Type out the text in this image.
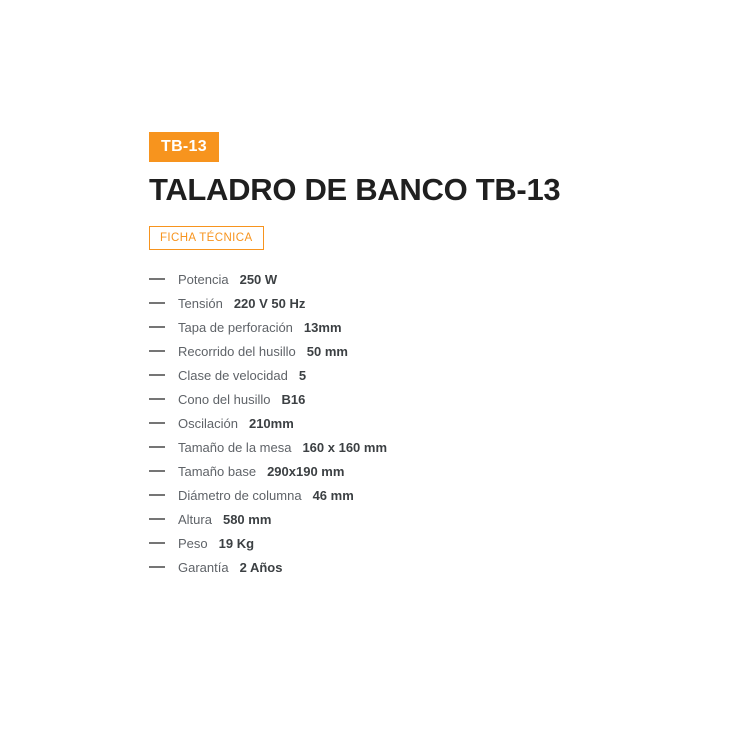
TB-13
TALADRO DE BANCO TB-13
FICHA TÉCNICA
Potencia 250 W
Tensión 220 V 50 Hz
Tapa de perforación 13mm
Recorrido del husillo 50 mm
Clase de velocidad 5
Cono del husillo B16
Oscilación 210mm
Tamaño de la mesa 160 x 160 mm
Tamaño base 290x190 mm
Diámetro de columna 46 mm
Altura 580 mm
Peso 19 Kg
Garantía 2 Años
